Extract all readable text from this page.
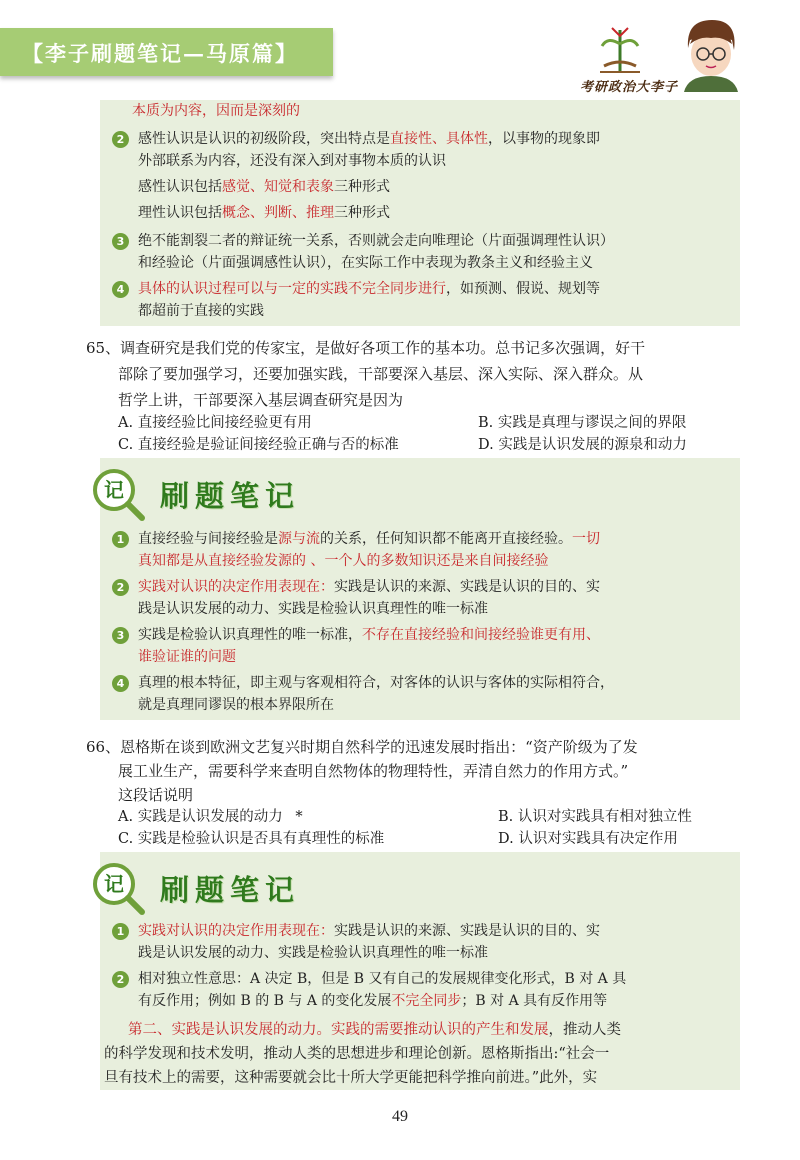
【李子刷题笔记—马原篇】
考研政治大李子
本质为内容，因而是深刻的
2 感性认识是认识的初级阶段，突出特点是直接性、具体性，以事物的现象即
外部联系为内容，还没有深入到对事物本质的认识
感性认识包括感觉、知觉和表象三种形式
理性认识包括概念、判断、推理三种形式
3 绝不能割裂二者的辩证统一关系，否则就会走向唯理论（片面强调理性认识）
和经验论（片面强调感性认识），在实际工作中表现为教条主义和经验主义
4 具体的认识过程可以与一定的实践不完全同步进行，如预测、假说、规划等
都超前于直接的实践
65、调查研究是我们党的传家宝，是做好各项工作的基本功。总书记多次强调，好干
部除了要加强学习，还要加强实践，干部要深入基层、深入实际、深入群众。从
哲学上讲，干部要深入基层调查研究是因为
A. 直接经验比间接经验更有用	B. 实践是真理与谬误之间的界限
C. 直接经验是验证间接经验正确与否的标准	D. 实践是认识发展的源泉和动力
1 直接经验与间接经验是源与流的关系，任何知识都不能离开直接经验。一切
真知都是从直接经验发源的 、一个人的多数知识还是来自间接经验
2 实践对认识的决定作用表现在：实践是认识的来源、实践是认识的目的、实
践是认识发展的动力、实践是检验认识真理性的唯一标准
3 实践是检验认识真理性的唯一标准，不存在直接经验和间接经验谁更有用、
谁验证谁的问题
4 真理的根本特征，即主观与客观相符合，对客体的认识与客体的实际相符合，
就是真理同谬误的根本界限所在
记 刷题笔记
66、恩格斯在谈到欧洲文艺复兴时期自然科学的迅速发展时指出：“资产阶级为了发
展工业生产，需要科学来查明自然物体的物理特性，弄清自然力的作用方式。”
这段话说明
A. 实践是认识发展的动力 *	B. 认识对实践具有相对独立性
C. 实践是检验认识是否具有真理性的标准	D. 认识对实践具有决定作用
1 实践对认识的决定作用表现在：实践是认识的来源、实践是认识的目的、实
践是认识发展的动力、实践是检验认识真理性的唯一标准
2 相对独立性意思：A 决定 B，但是 B 又有自己的发展规律变化形式，B 对 A 具
有反作用；例如 B 的 B 与 A 的变化发展不完全同步；B 对 A 具有反作用等
记 刷题笔记
第二、实践是认识发展的动力。实践的需要推动认识的产生和发展，推动人类
的科学发现和技术发明，推动人类的思想进步和理论创新。恩格斯指出:“社会一
旦有技术上的需要，这种需要就会比十所大学更能把科学推向前进。”此外，实
49
